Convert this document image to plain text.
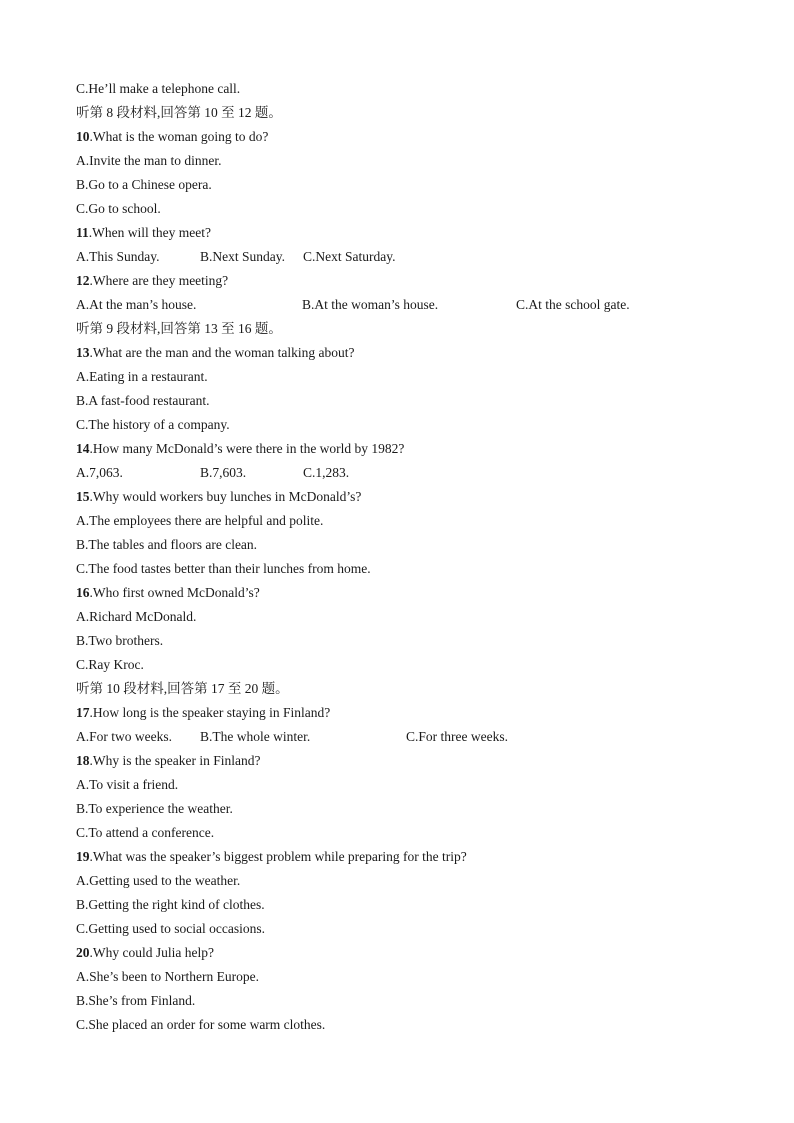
C.He’ll make a telephone call.
听第 8 段材料,回答第 10 至 12 题。
10.What is the woman going to do?
A.Invite the man to dinner.
B.Go to a Chinese opera.
C.Go to school.
11.When will they meet?
A.This Sunday.	B.Next Sunday. C.Next Saturday.
12.Where are they meeting?
A.At the man’s house.	B.At the woman’s house.	C.At the school gate.
听第 9 段材料,回答第 13 至 16 题。
13.What are the man and the woman talking about?
A.Eating in a restaurant.
B.A fast-food restaurant.
C.The history of a company.
14.How many McDonald’s were there in the world by 1982?
A.7,063.	B.7,603.	C.1,283.
15.Why would workers buy lunches in McDonald’s?
A.The employees there are helpful and polite.
B.The tables and floors are clean.
C.The food tastes better than their lunches from home.
16.Who first owned McDonald’s?
A.Richard McDonald.
B.Two brothers.
C.Ray Kroc.
听第 10 段材料,回答第 17 至 20 题。
17.How long is the speaker staying in Finland?
A.For two weeks. B.The whole winter.	C.For three weeks.
18.Why is the speaker in Finland?
A.To visit a friend.
B.To experience the weather.
C.To attend a conference.
19.What was the speaker’s biggest problem while preparing for the trip?
A.Getting used to the weather.
B.Getting the right kind of clothes.
C.Getting used to social occasions.
20.Why could Julia help?
A.She’s been to Northern Europe.
B.She’s from Finland.
C.She placed an order for some warm clothes.
